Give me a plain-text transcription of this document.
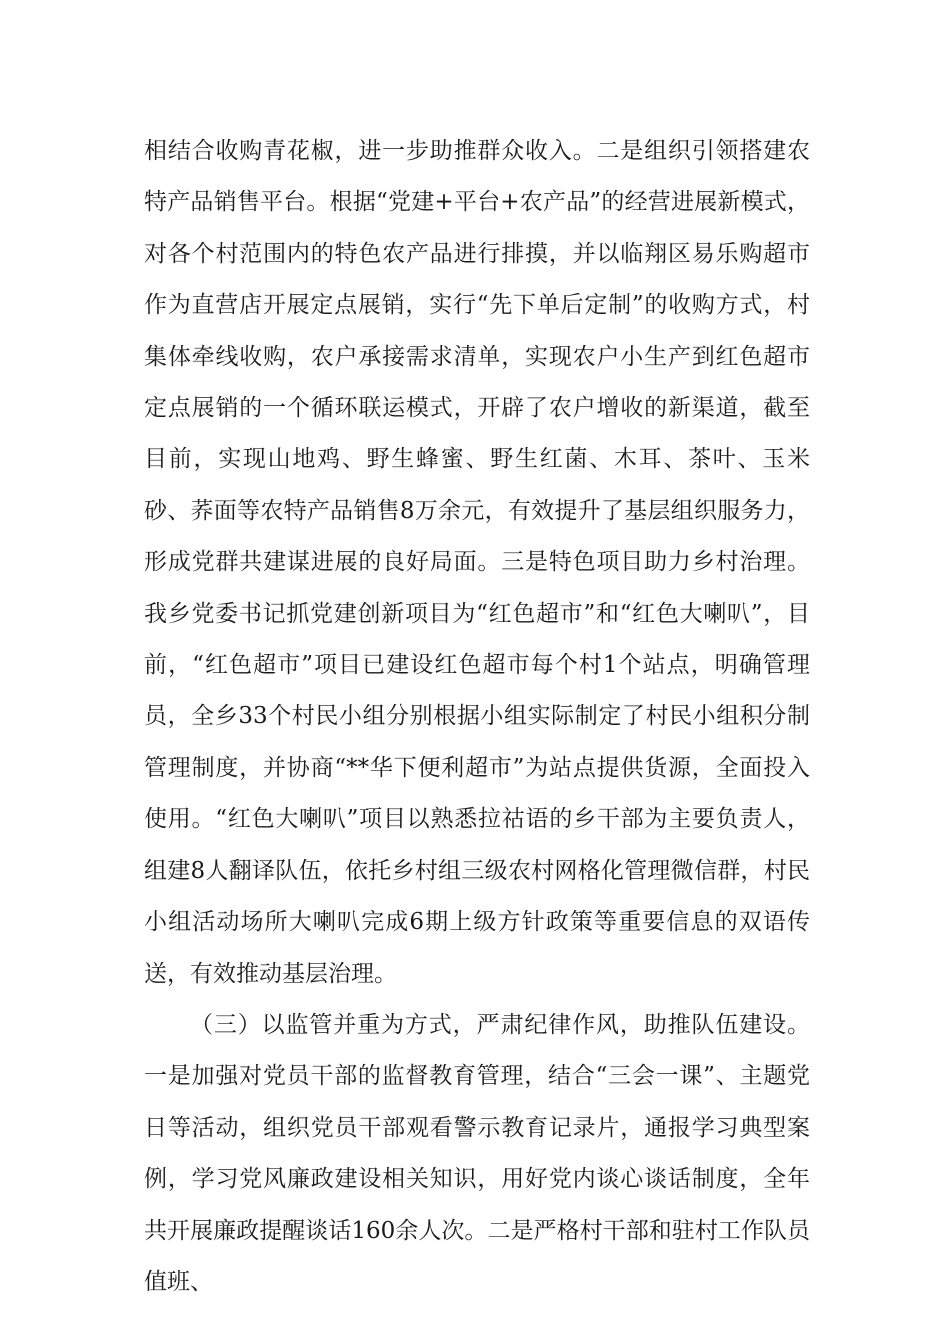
相结合收购青花椒，进一步助推群众收入。二是组织引领搭建农特产品销售平台。根据“党建+平台+农产品”的经营进展新模式，对各个村范围内的特色农产品进行排摸，并以临翔区易乐购超市作为直营店开展定点展销，实行“先下单后定制”的收购方式，村集体牵线收购，农户承接需求清单，实现农户小生产到红色超市定点展销的一个循环联运模式，开辟了农户增收的新渠道，截至目前，实现山地鸡、野生蜂蜜、野生红菌、木耳、茶叶、玉米砂、荞面等农特产品销售8万余元，有效提升了基层组织服务力，形成党群共建谋进展的良好局面。三是特色项目助力乡村治理。我乡党委书记抓党建创新项目为“红色超市”和“红色大喇叭”，目前，“红色超市”项目已建设红色超市每个村1个站点，明确管理员，全乡33个村民小组分别根据小组实际制定了村民小组积分制管理制度，并协商“**华下便利超市”为站点提供货源，全面投入使用。“红色大喇叭”项目以熟悉拉祜语的乡干部为主要负责人，组建8人翻译队伍，依托乡村组三级农村网格化管理微信群，村民小组活动场所大喇叭完成6期上级方针政策等重要信息的双语传送，有效推动基层治理。

（三）以监管并重为方式，严肃纪律作风，助推队伍建设。一是加强对党员干部的监督教育管理，结合“三会一课”、主题党日等活动，组织党员干部观看警示教育记录片，通报学习典型案例，学习党风廉政建设相关知识，用好党内谈心谈话制度，全年共开展廉政提醒谈话160余人次。二是严格村干部和驻村工作队员值班、
